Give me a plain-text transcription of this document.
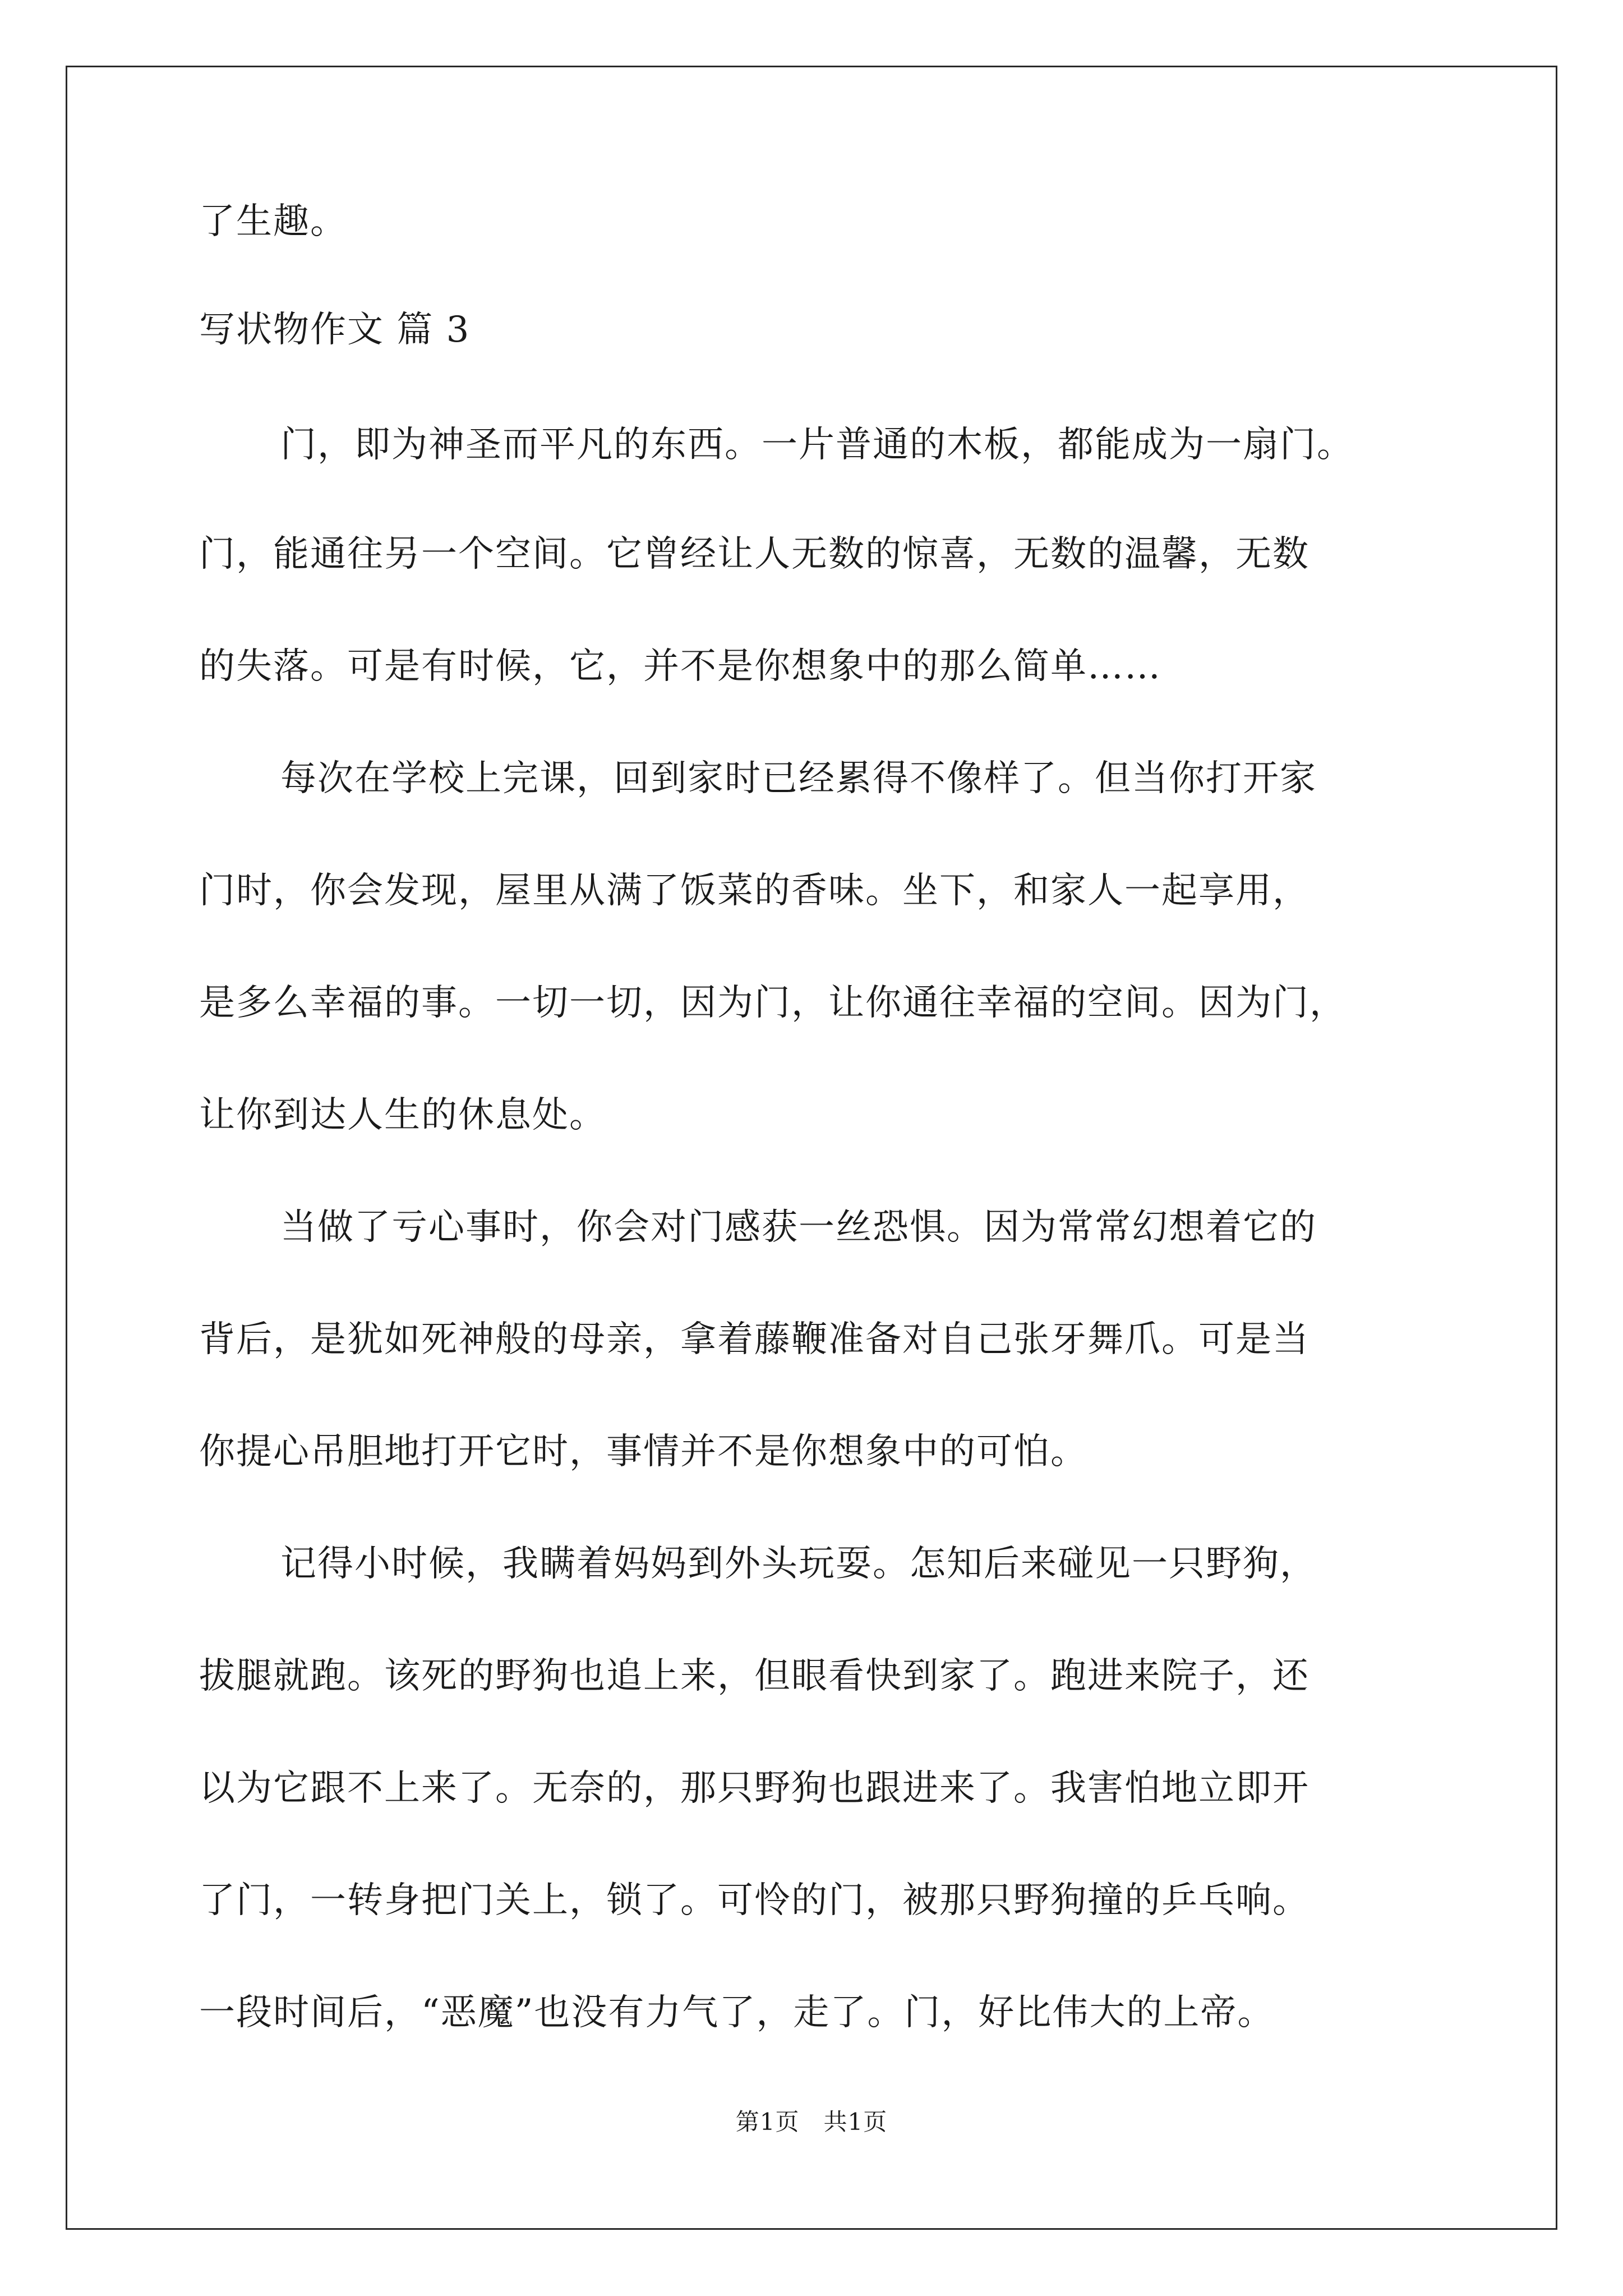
了生趣。
写状物作文 篇 3
门，即为神圣而平凡的东西。一片普通的木板，都能成为一扇门。
门，能通往另一个空间。它曾经让人无数的惊喜，无数的温馨，无数
的失落。可是有时候，它，并不是你想象中的那么简单……
每次在学校上完课，回到家时已经累得不像样了。但当你打开家
门时，你会发现，屋里从满了饭菜的香味。坐下，和家人一起享用，
是多么幸福的事。一切一切，因为门，让你通往幸福的空间。因为门，
让你到达人生的休息处。
当做了亏心事时，你会对门感获一丝恐惧。因为常常幻想着它的
背后，是犹如死神般的母亲，拿着藤鞭准备对自己张牙舞爪。可是当
你提心吊胆地打开它时，事情并不是你想象中的可怕。
记得小时候，我瞒着妈妈到外头玩耍。怎知后来碰见一只野狗，
拔腿就跑。该死的野狗也追上来，但眼看快到家了。跑进来院子，还
以为它跟不上来了。无奈的，那只野狗也跟进来了。我害怕地立即开
了门，一转身把门关上，锁了。可怜的门，被那只野狗撞的乒乓响。
一段时间后，“恶魔”也没有力气了，走了。门，好比伟大的上帝。
第1页　共1页
